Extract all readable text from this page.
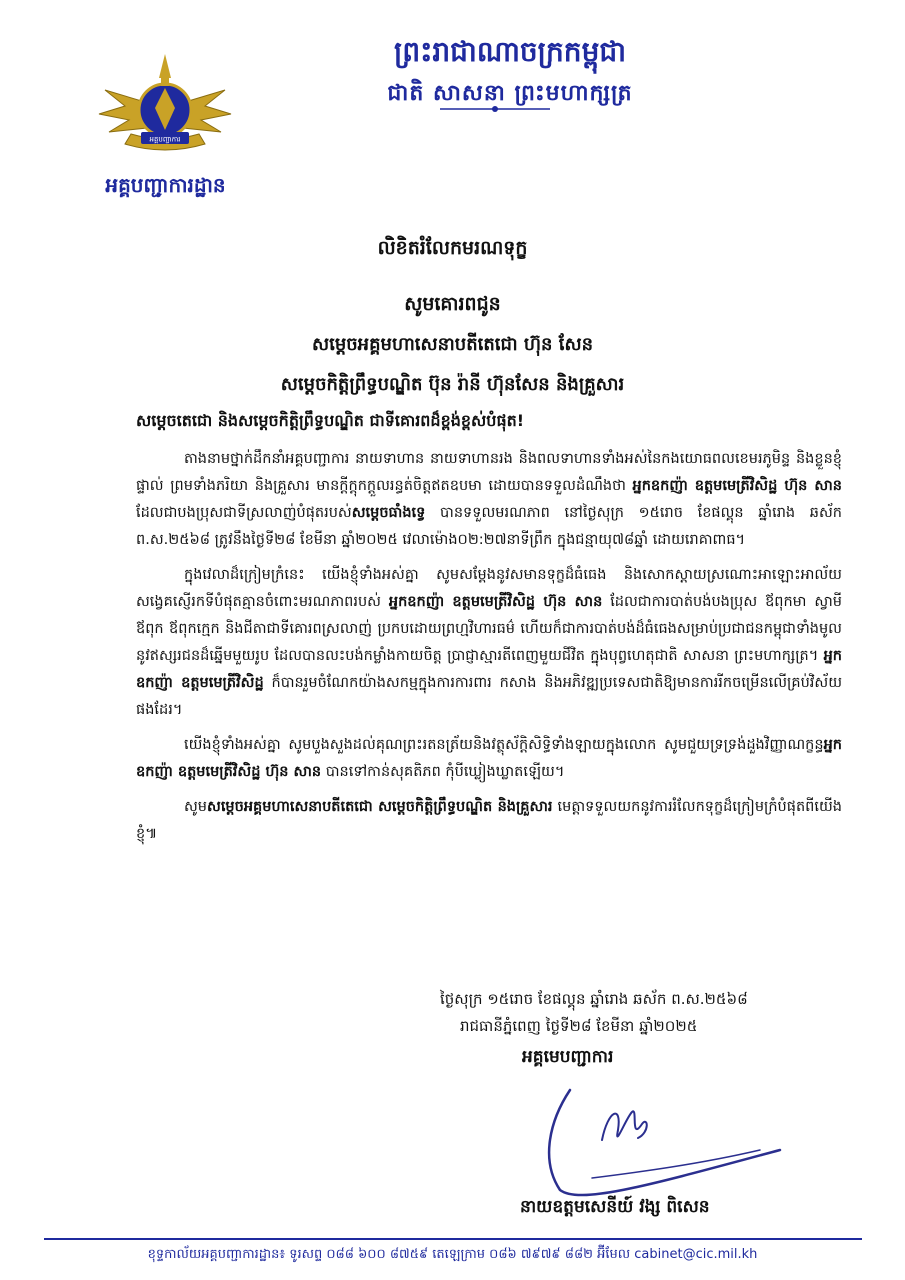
អគ្គបញ្ជាការ
អគ្គបញ្ជាការដ្ឋាន
ព្រះរាជាណាចក្រកម្ពុជា
ជាតិ សាសនា ព្រះមហាក្សត្រ
លិខិតរំលែកមរណទុក្ខ
សូមគោរពជូន
សម្តេចអគ្គមហាសេនាបតីតេជោ ហ៊ុន សែន
សម្តេចកិត្តិព្រឹទ្ធបណ្ឌិត ប៊ុន រ៉ានី ហ៊ុនសែន និងគ្រួសារ
សម្តេចតេជោ និងសម្តេចកិត្តិព្រឹទ្ធបណ្ឌិត ជាទីគោរពដ៏ខ្ពង់ខ្ពស់បំផុត!

តាងនាមថ្នាក់ដឹកនាំអគ្គបញ្ជាការ នាយទាហាន នាយទាហានរង និងពលទាហានទាំងអស់នៃកងយោធពលខេមរភូមិន្ទ និងខ្លួនខ្ញុំផ្ទាល់ ព្រមទាំងភរិយា និងគ្រួសារ មានក្តីក្តុកក្តួលរន្ធត់ចិត្តឥតឧបមា ដោយបានទទួលដំណឹងថា អ្នកឧកញ៉ា ឧត្តមមេត្រីវិសិដ្ឋ ហ៊ុន សាន ដែលជាបងប្រុសជាទីស្រលាញ់បំផុតរបស់សម្តេចធាំងទ្វេ បានទទួលមរណភាព នៅថ្ងៃសុក្រ ១៥រោច ខែផល្គុន ឆ្នាំរោង ឆស័ក ព.ស.២៥៦៨ ត្រូវនឹងថ្ងៃទី២៨ ខែមីនា ឆ្នាំ២០២៥ វេលាម៉ោង០២:២៧នាទីព្រឹក ក្នុងជន្មាយុ៧៨ឆ្នាំ ដោយរោគាពាធ។

ក្នុងវេលាដ៏ក្រៀមក្រំនេះ យើងខ្ញុំទាំងអស់គ្នា សូមសម្តែងនូវសមានទុក្ខដ៏ធំធេង និងសោកស្តាយស្រណោះអាឡោះអាល័យសង្វេគស្ញើរកទីបំផុតគ្មានចំពោះមរណភាពរបស់ អ្នកឧកញ៉ា ឧត្តមមេត្រីវិសិដ្ឋ ហ៊ុន សាន ដែលជាការបាត់បង់បងប្រុស ឪពុកមា ស្វាមី ឪពុក ឪពុកក្មេក និងជីតាជាទីគោរពស្រលាញ់ ប្រកបដោយព្រហ្មវិហារធម៌ ហើយក៏ជាការបាត់បង់ដ៏ធំធេងសម្រាប់ប្រជាជនកម្ពុជាទាំងមូលនូវឥស្សរជនដ៏ឆ្នើមមួយរូប ដែលបានលះបង់កម្លាំងកាយចិត្ត ប្រាជ្ញាស្មារតីពេញមួយជីវិត ក្នុងបុព្វហេតុជាតិ សាសនា ព្រះមហាក្សត្រ។ អ្នកឧកញ៉ា ឧត្តមមេត្រីវិសិដ្ឋ ក៏បានរួមចំណែកយ៉ាងសកម្មក្នុងការការពារ កសាង និងអភិវឌ្ឍប្រទេសជាតិឱ្យមានការរីកចម្រើនលើគ្រប់វិស័យផងដែរ។

យើងខ្ញុំទាំងអស់គ្នា សូមបួងសួងដល់គុណព្រះរតនត្រ័យនិងវត្ថុស័ក្តិសិទ្ធិទាំងឡាយក្នុងលោក សូមជួយទ្រទ្រង់ដួងវិញ្ញាណក្ខន្ធអ្នកឧកញ៉ា ឧត្តមមេត្រីវិសិដ្ឋ ហ៊ុន សាន បានទៅកាន់សុគតិភព កុំបីឃ្លៀងឃ្លាតឡើយ។

សូមសម្តេចអគ្គមហាសេនាបតីតេជោ សម្តេចកិត្តិព្រឹទ្ធបណ្ឌិត និងគ្រួសារ មេត្តាទទួលយកនូវការរំលែកទុក្ខដ៏ក្រៀមក្រំបំផុតពីយើងខ្ញុំ៕

ថ្ងៃសុក្រ ១៥រោច ខែផល្គុន ឆ្នាំរោង ឆស័ក ព.ស.២៥៦៨
រាជធានីភ្នំពេញ ថ្ងៃទី២៨ ខែមីនា ឆ្នាំ២០២៥
អគ្គមេបញ្ជាការ
នាយឧត្តមសេនីយ៍ វង្ស ពិសេន
ខុទ្ទកាល័យអគ្គបញ្ជាការដ្ឋាន៖ ទូរសព្ទ ០៨៨ ៦០០ ៨៧៥៩ តេឡេក្រាម ០៨៦ ៧៩៧៩ ៨៨២ អ៊ីមែល cabinet@cic.mil.kh
